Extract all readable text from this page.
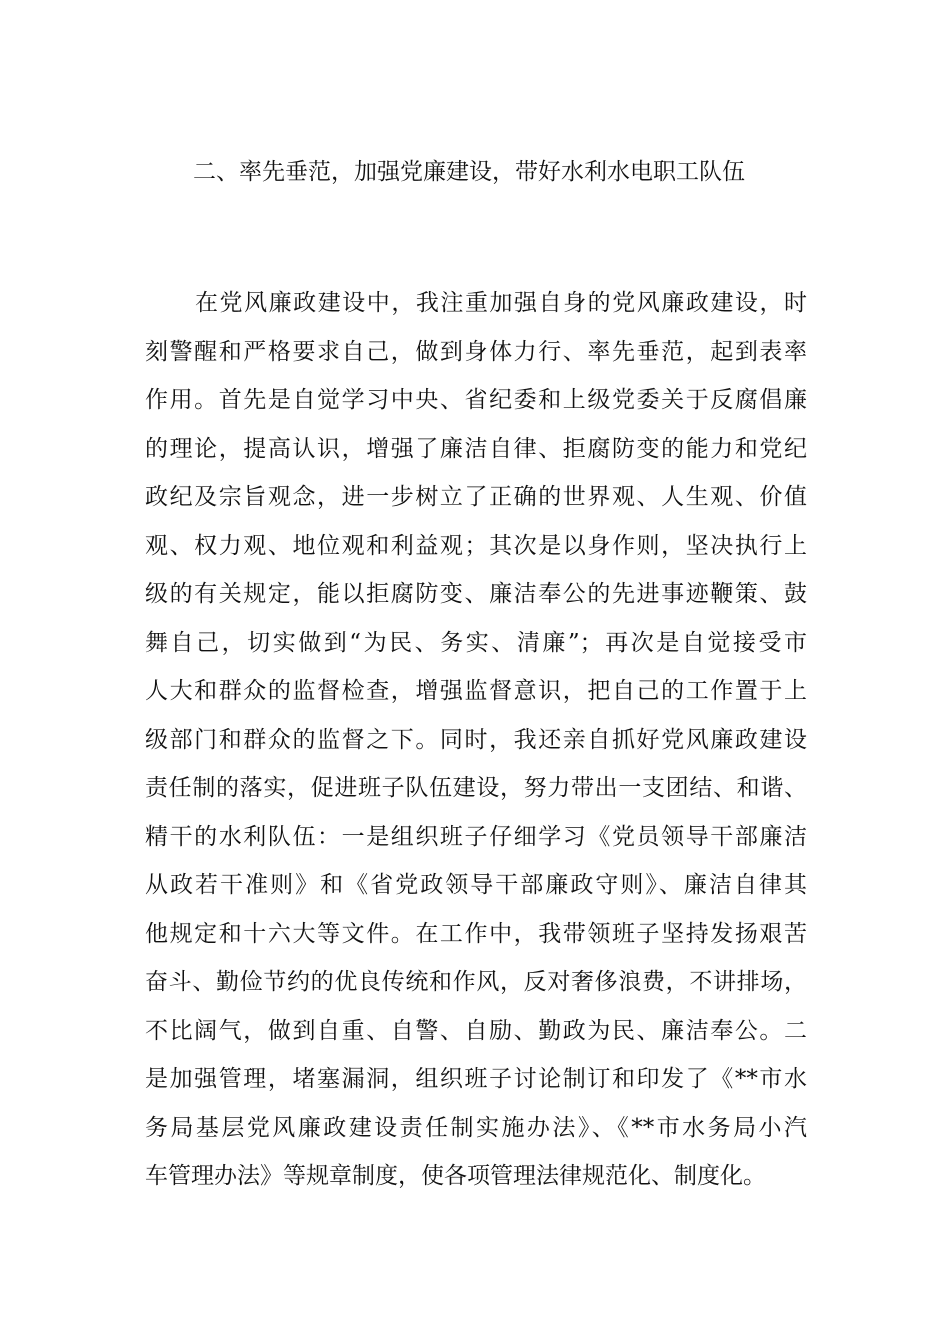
二、率先垂范，加强党廉建设，带好水利水电职工队伍
在党风廉政建设中，我注重加强自身的党风廉政建设，时
刻警醒和严格要求自己，做到身体力行、率先垂范，起到表率
作用。首先是自觉学习中央、省纪委和上级党委关于反腐倡廉
的理论，提高认识，增强了廉洁自律、拒腐防变的能力和党纪
政纪及宗旨观念，进一步树立了正确的世界观、人生观、价值
观、权力观、地位观和利益观；其次是以身作则，坚决执行上
级的有关规定，能以拒腐防变、廉洁奉公的先进事迹鞭策、鼓
舞自己，切实做到“为民、务实、清廉”；再次是自觉接受市
人大和群众的监督检查，增强监督意识，把自己的工作置于上
级部门和群众的监督之下。同时，我还亲自抓好党风廉政建设
责任制的落实，促进班子队伍建设，努力带出一支团结、和谐、
精干的水利队伍：一是组织班子仔细学习《党员领导干部廉洁
从政若干准则》和《省党政领导干部廉政守则》、廉洁自律其
他规定和十六大等文件。在工作中，我带领班子坚持发扬艰苦
奋斗、勤俭节约的优良传统和作风，反对奢侈浪费，不讲排场，
不比阔气，做到自重、自警、自励、勤政为民、廉洁奉公。二
是加强管理，堵塞漏洞，组织班子讨论制订和印发了《**市水
务局基层党风廉政建设责任制实施办法》、《**市水务局小汽
车管理办法》等规章制度，使各项管理法律规范化、制度化。
